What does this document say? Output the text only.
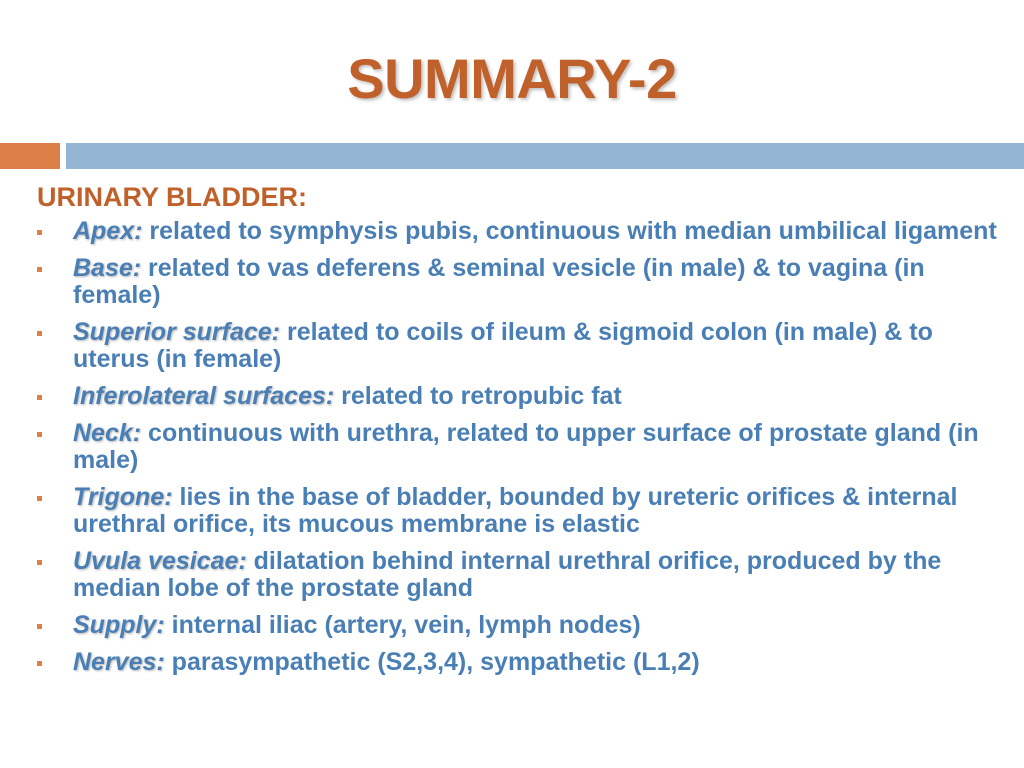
SUMMARY-2
URINARY BLADDER:
Apex: related to symphysis pubis, continuous with median umbilical ligament
Base: related to vas deferens & seminal vesicle (in male) & to vagina (in female)
Superior surface: related to coils of ileum & sigmoid colon (in male) & to uterus (in female)
Inferolateral surfaces: related to retropubic fat
Neck: continuous with urethra, related to upper surface of prostate gland (in male)
Trigone: lies in the base of bladder, bounded by ureteric orifices & internal urethral orifice, its mucous membrane is elastic
Uvula vesicae: dilatation behind internal urethral orifice, produced by the median lobe of the prostate gland
Supply: internal iliac (artery, vein, lymph nodes)
Nerves: parasympathetic (S2,3,4), sympathetic (L1,2)
